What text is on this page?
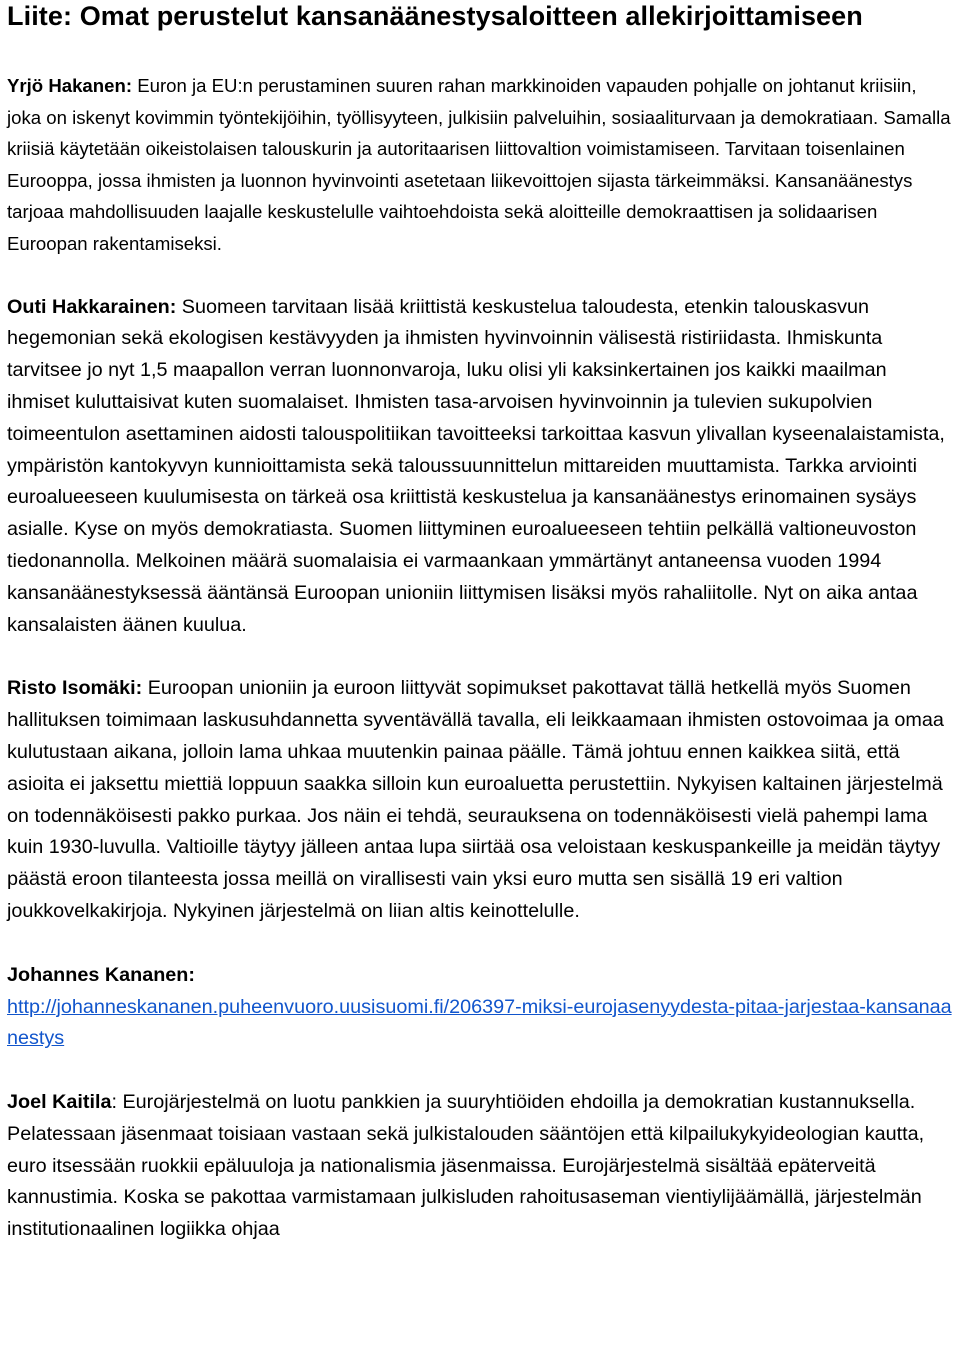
Liite: Omat perustelut kansanäänestysaloitteen allekirjoittamiseen

Yrjö Hakanen: Euron ja EU:n perustaminen suuren rahan markkinoiden vapauden pohjalle on johtanut kriisiin, joka on iskenyt kovimmin työntekijöihin, työllisyyteen, julkisiin palveluihin, sosiaaliturvaan ja demokratiaan. Samalla kriisiä käytetään oikeistolaisen talouskurin ja autoritaarisen liittovaltion voimistamiseen. Tarvitaan toisenlainen Eurooppa, jossa ihmisten ja luonnon hyvinvointi asetetaan liikevoittojen sijasta tärkeimmäksi. Kansanäänestys tarjoaa mahdollisuuden laajalle keskustelulle vaihtoehdoista sekä aloitteille demokraattisen ja solidaarisen Euroopan rakentamiseksi.

Outi Hakkarainen: Suomeen tarvitaan lisää kriittistä keskustelua taloudesta, etenkin talouskasvun hegemonian sekä ekologisen kestävyyden ja ihmisten hyvinvoinnin välisestä ristiriidasta. Ihmiskunta tarvitsee jo nyt 1,5 maapallon verran luonnonvaroja, luku olisi yli kaksinkertainen jos kaikki maailman ihmiset kuluttaisivat kuten suomalaiset. Ihmisten tasa-arvoisen hyvinvoinnin ja tulevien sukupolvien toimeentulon asettaminen aidosti talouspolitiikan tavoitteeksi tarkoittaa kasvun ylivallan kyseenalaistamista, ympäristön kantokyvyn kunnioittamista sekä taloussuunnittelun mittareiden muuttamista. Tarkka arviointi euroalueeseen kuulumisesta on tärkeä osa kriittistä keskustelua ja kansanäänestys erinomainen sysäys asialle. Kyse on myös demokratiasta. Suomen liittyminen euroalueeseen tehtiin pelkällä valtioneuvoston tiedonannolla. Melkoinen määrä suomalaisia ei varmaankaan ymmärtänyt antaneensa vuoden 1994 kansanäänestyksessä ääntänsä Euroopan unioniin liittymisen lisäksi myös rahaliitolle. Nyt on aika antaa kansalaisten äänen kuulua.

Risto Isomäki: Euroopan unioniin ja euroon liittyvät sopimukset pakottavat tällä hetkellä myös Suomen hallituksen toimimaan laskusuhdannetta syventävällä tavalla, eli leikkaamaan ihmisten ostovoimaa ja omaa kulutustaan aikana, jolloin lama uhkaa muutenkin painaa päälle. Tämä johtuu ennen kaikkea siitä, että asioita ei jaksettu miettiä loppuun saakka silloin kun euroaluetta perustettiin. Nykyisen kaltainen järjestelmä on todennäköisesti pakko purkaa. Jos näin ei tehdä, seurauksena on todennäköisesti vielä pahempi lama kuin 1930-luvulla. Valtioille täytyy jälleen antaa lupa siirtää osa veloistaan keskuspankeille ja meidän täytyy päästä eroon tilanteesta jossa meillä on virallisesti vain yksi euro mutta sen sisällä 19 eri valtion joukkovelkakirjoja. Nykyinen järjestelmä on liian altis keinottelulle.

Johannes Kananen:
http://johanneskananen.puheenvuoro.uusisuomi.fi/206397-miksi-eurojasenyydesta-pitaa-jarjestaa-kansanaanestys

Joel Kaitila: Eurojärjestelmä on luotu pankkien ja suuryhtiöiden ehdoilla ja demokratian kustannuksella. Pelatessaan jäsenmaat toisiaan vastaan sekä julkistalouden sääntöjen että kilpailukykyideologian kautta, euro itsessään ruokkii epäluuloja ja nationalismia jäsenmaissa. Eurojärjestelmä sisältää epäterveitä kannustimia. Koska se pakottaa varmistamaan julkisluden rahoitusaseman vientiylijäämällä, järjestelmän institutionaalinen logiikka ohjaa
